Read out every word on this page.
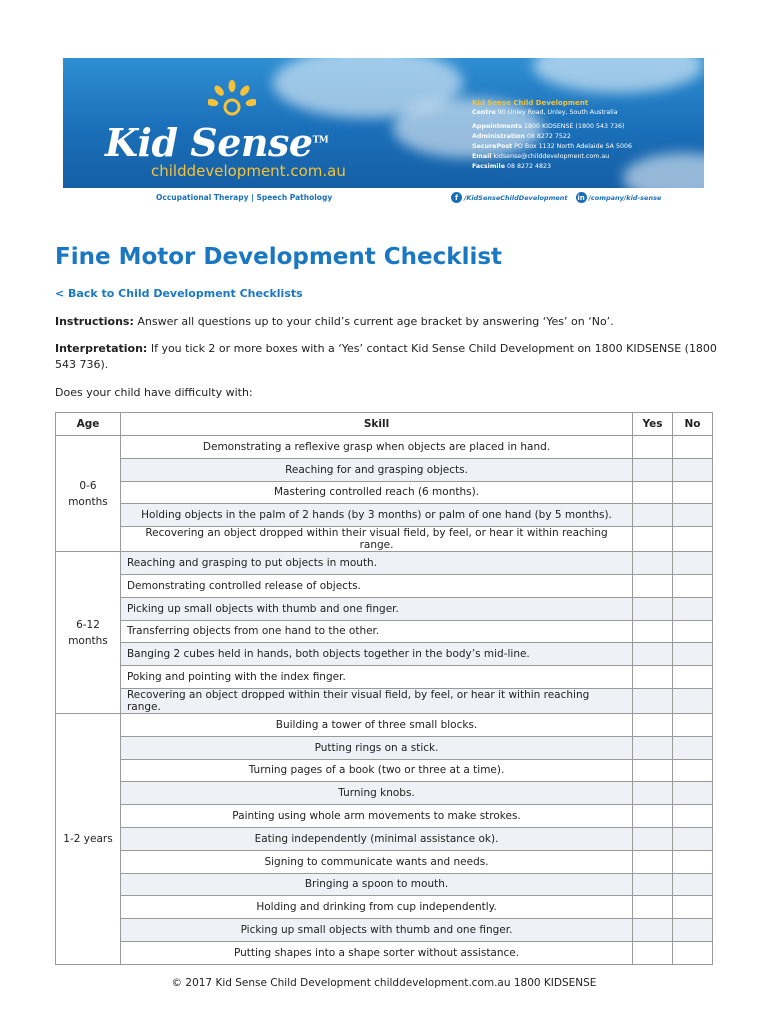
Kid Sense™
childdevelopment.com.au
Kid Sense Child Development
Centre 90 Unley Road, Unley, South Australia
Appointments 1800 KIDSENSE (1800 543 736)
Administration 08 8272 7522
SecurePost PO Box 1132 North Adelaide SA 5006
Email kidsense@childdevelopment.com.au
Facsimile 08 8272 4823
Occupational Therapy | Speech Pathology	f /KidSenseChildDevelopment in /company/kid-sense
Fine Motor Development Checklist
< Back to Child Development Checklists

Instructions: Answer all questions up to your child’s current age bracket by answering ‘Yes’ on ‘No’.

Interpretation: If you tick 2 or more boxes with a ‘Yes’ contact Kid Sense Child Development on 1800 KIDSENSE (1800 543 736).

Does your child have difficulty with:

Age	Skill	Yes	No

0-6
months	Demonstrating a reflexive grasp when objects are placed in hand.		
	Reaching for and grasping objects.		
	Mastering controlled reach (6 months).		
	Holding objects in the palm of 2 hands (by 3 months) or palm of one hand (by 5 months).		
	Recovering an object dropped within their visual field, by feel, or hear it within reaching range.		

6-12
months	Reaching and grasping to put objects in mouth.		
	Demonstrating controlled release of objects.		
	Picking up small objects with thumb and one finger.		
	Transferring objects from one hand to the other.		
	Banging 2 cubes held in hands, both objects together in the body’s mid-line.		
	Poking and pointing with the index finger.		
	Recovering an object dropped within their visual field, by feel, or hear it within reaching range.		

1-2 years	Building a tower of three small blocks.		
	Putting rings on a stick.		
	Turning pages of a book (two or three at a time).		
	Turning knobs.		
	Painting using whole arm movements to make strokes.		
	Eating independently (minimal assistance ok).		
	Signing to communicate wants and needs.		
	Bringing a spoon to mouth.		
	Holding and drinking from cup independently.		
	Picking up small objects with thumb and one finger.		
	Putting shapes into a shape sorter without assistance.		
© 2017 Kid Sense Child Development childdevelopment.com.au 1800 KIDSENSE
